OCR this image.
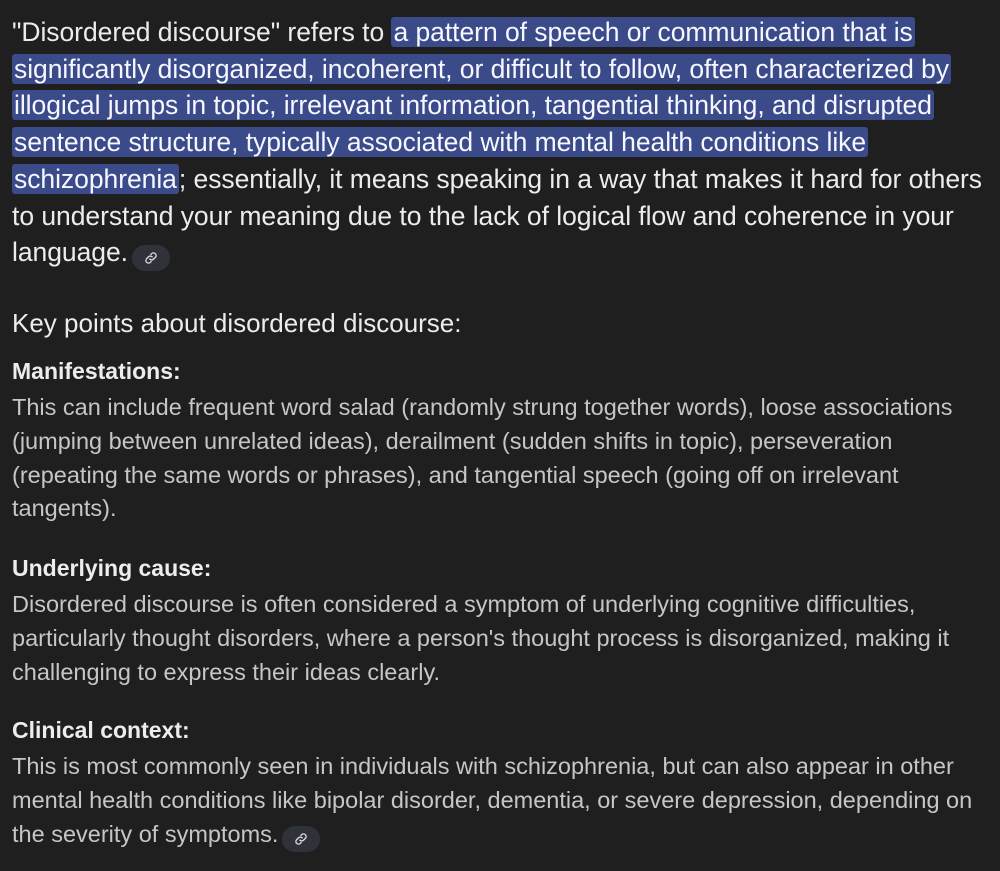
"Disordered discourse" refers to a pattern of speech or communication that is significantly disorganized, incoherent, or difficult to follow, often characterized by illogical jumps in topic, irrelevant information, tangential thinking, and disrupted sentence structure, typically associated with mental health conditions like schizophrenia; essentially, it means speaking in a way that makes it hard for others to understand your meaning due to the lack of logical flow and coherence in your language.

Key points about disordered discourse:
Manifestations:

This can include frequent word salad (randomly strung together words), loose associations (jumping between unrelated ideas), derailment (sudden shifts in topic), perseveration (repeating the same words or phrases), and tangential speech (going off on irrelevant tangents).

Underlying cause:

Disordered discourse is often considered a symptom of underlying cognitive difficulties, particularly thought disorders, where a person's thought process is disorganized, making it challenging to express their ideas clearly.

Clinical context:

This is most commonly seen in individuals with schizophrenia, but can also appear in other mental health conditions like bipolar disorder, dementia, or severe depression, depending on the severity of symptoms.
